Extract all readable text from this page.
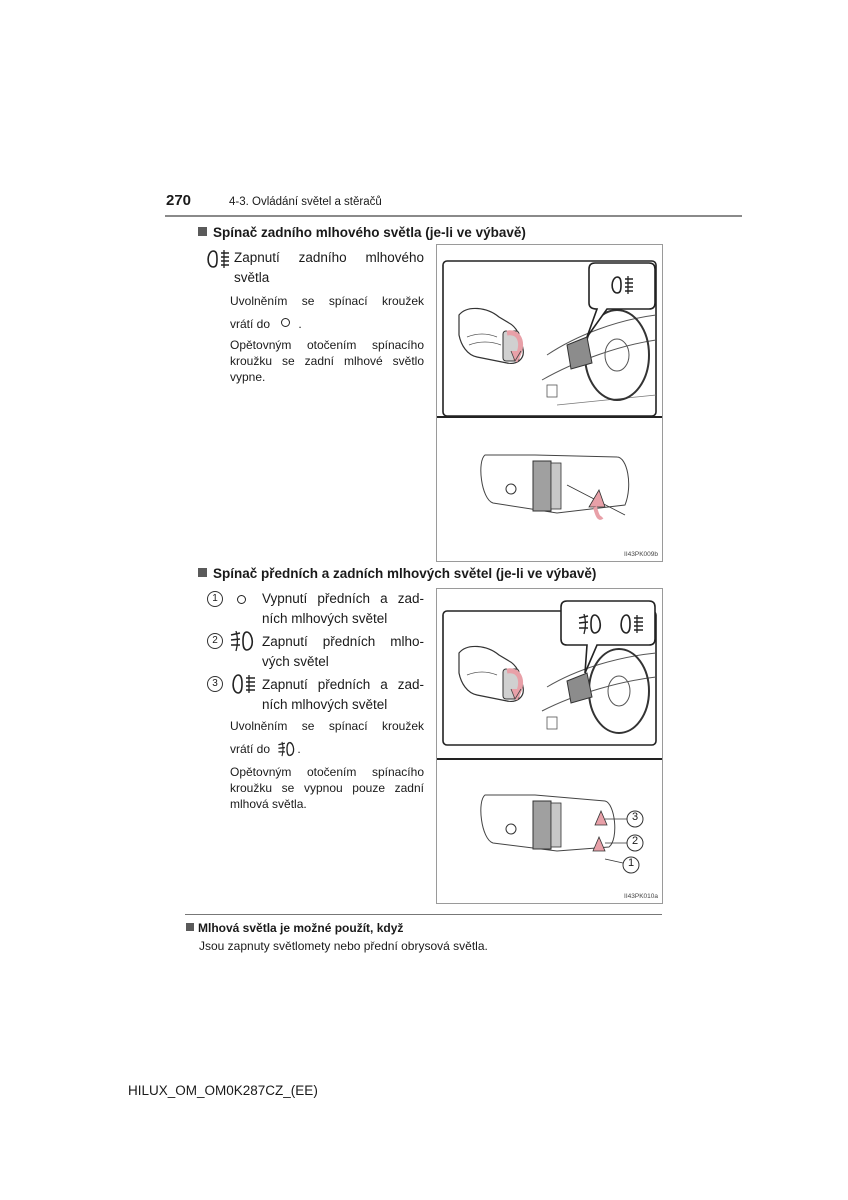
270	4-3. Ovládání světel a stěračů
Spínač zadního mlhového světla (je-li ve výbavě)
Zapnutí zadního mlhového
světla
Uvolněním se spínací kroužek
vrátí do .
Opětovným otočením spínacího
kroužku se zadní mlhové světlo
vypne.
II43PK009b
Spínač předních a zadních mlhových světel (je-li ve výbavě)
1	Vypnutí předních a zad-
ních mlhových světel
2	Zapnutí předních mlho-
vých světel
3	Zapnutí předních a zad-
ních mlhových světel
Uvolněním se spínací kroužek
vrátí do .
Opětovným otočením spínacího
kroužku se vypnou pouze zadní
mlhová světla.
3
2
1
II43PK010a
Mlhová světla je možné použít, když
Jsou zapnuty světlomety nebo přední obrysová světla.
HILUX_OM_OM0K287CZ_(EE)
